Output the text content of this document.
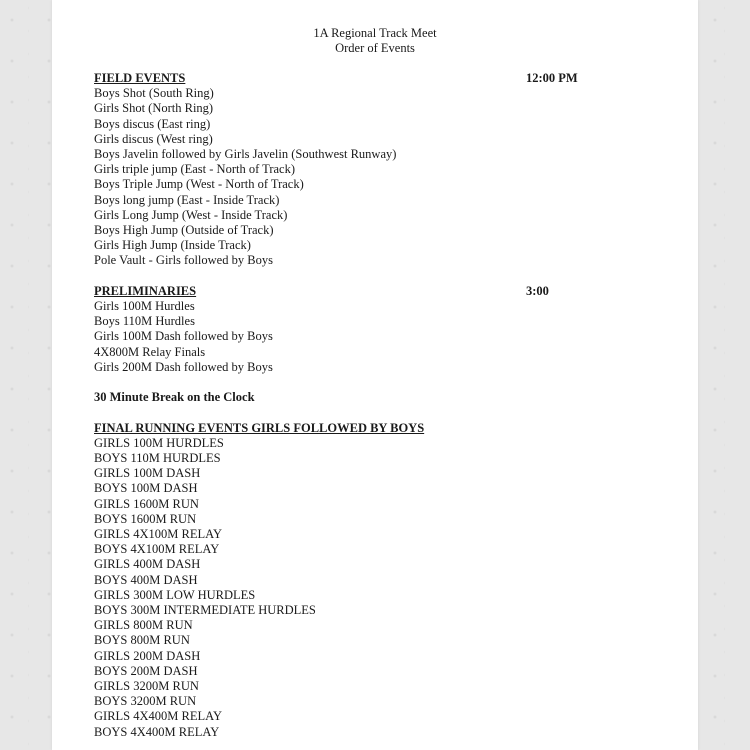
1A Regional Track Meet
Order of Events
FIELD EVENTS	12:00 PM
Boys Shot (South Ring)
Girls Shot (North Ring)
Boys discus (East ring)
Girls discus (West ring)
Boys Javelin followed by Girls Javelin (Southwest Runway)
Girls triple jump (East - North of Track)
Boys Triple Jump (West - North of Track)
Boys long jump (East - Inside Track)
Girls Long Jump (West - Inside Track)
Boys High Jump (Outside of Track)
Girls High Jump (Inside Track)
Pole Vault - Girls followed by Boys
PRELIMINARIES	3:00
Girls 100M Hurdles
Boys 110M Hurdles
Girls 100M Dash followed by Boys
4X800M Relay Finals
Girls 200M Dash followed by Boys
30 Minute Break on the Clock
FINAL RUNNING EVENTS GIRLS FOLLOWED BY BOYS
GIRLS 100M HURDLES
BOYS 110M HURDLES
GIRLS 100M DASH
BOYS 100M DASH
GIRLS 1600M RUN
BOYS 1600M RUN
GIRLS 4X100M RELAY
BOYS 4X100M RELAY
GIRLS 400M DASH
BOYS 400M DASH
GIRLS 300M LOW HURDLES
BOYS 300M INTERMEDIATE HURDLES
GIRLS 800M RUN
BOYS 800M RUN
GIRLS 200M DASH
BOYS 200M DASH
GIRLS 3200M RUN
BOYS 3200M RUN
GIRLS 4X400M RELAY
BOYS 4X400M RELAY
